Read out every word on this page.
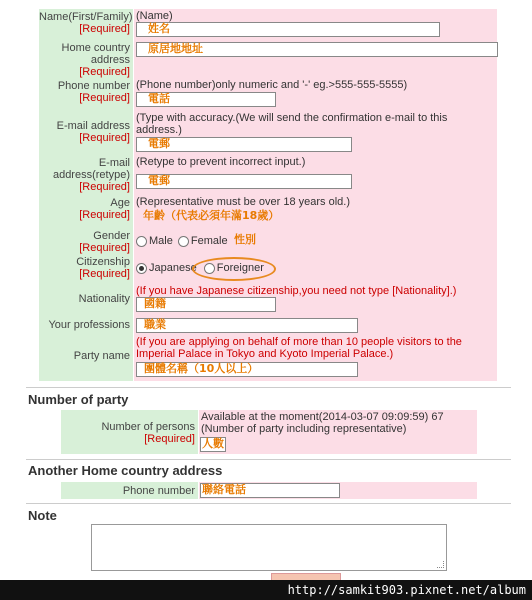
Name(First/Family)
[Required]
(Name)
姓名
Home country address
[Required]
原居地地址
Phone number
[Required]
(Phone number)only numeric and '-' eg.>555-555-5555)
電話
E-mail address
[Required]
(Type with accuracy.(We will send the confirmation e-mail to this address.)
電郵
E-mail address(retype)
[Required]
(Retype to prevent incorrect input.)
電郵
Age
[Required]
(Representative must be over 18 years old.)
年齡（代表必須年滿18歲）
Gender
[Required]
Male Female 性別
Citizenship
[Required]	Japanese Foreigner
Nationality
(If you have Japanese citizenship,you need not type [Nationality].)
國籍
Your professions	職業
Party name
(If you are applying on behalf of more than 10 people visitors to the Imperial Palace in Tokyo and Kyoto Imperial Palace.)
團體名稱（10人以上）
Number of party
Number of persons
[Required]
Available at the moment(2014-03-07 09:09:59) 67
(Number of party including representative)
人數
Another Home country address
Phone number 聯絡電話
Note
http://samkit903.pixnet.net/album
